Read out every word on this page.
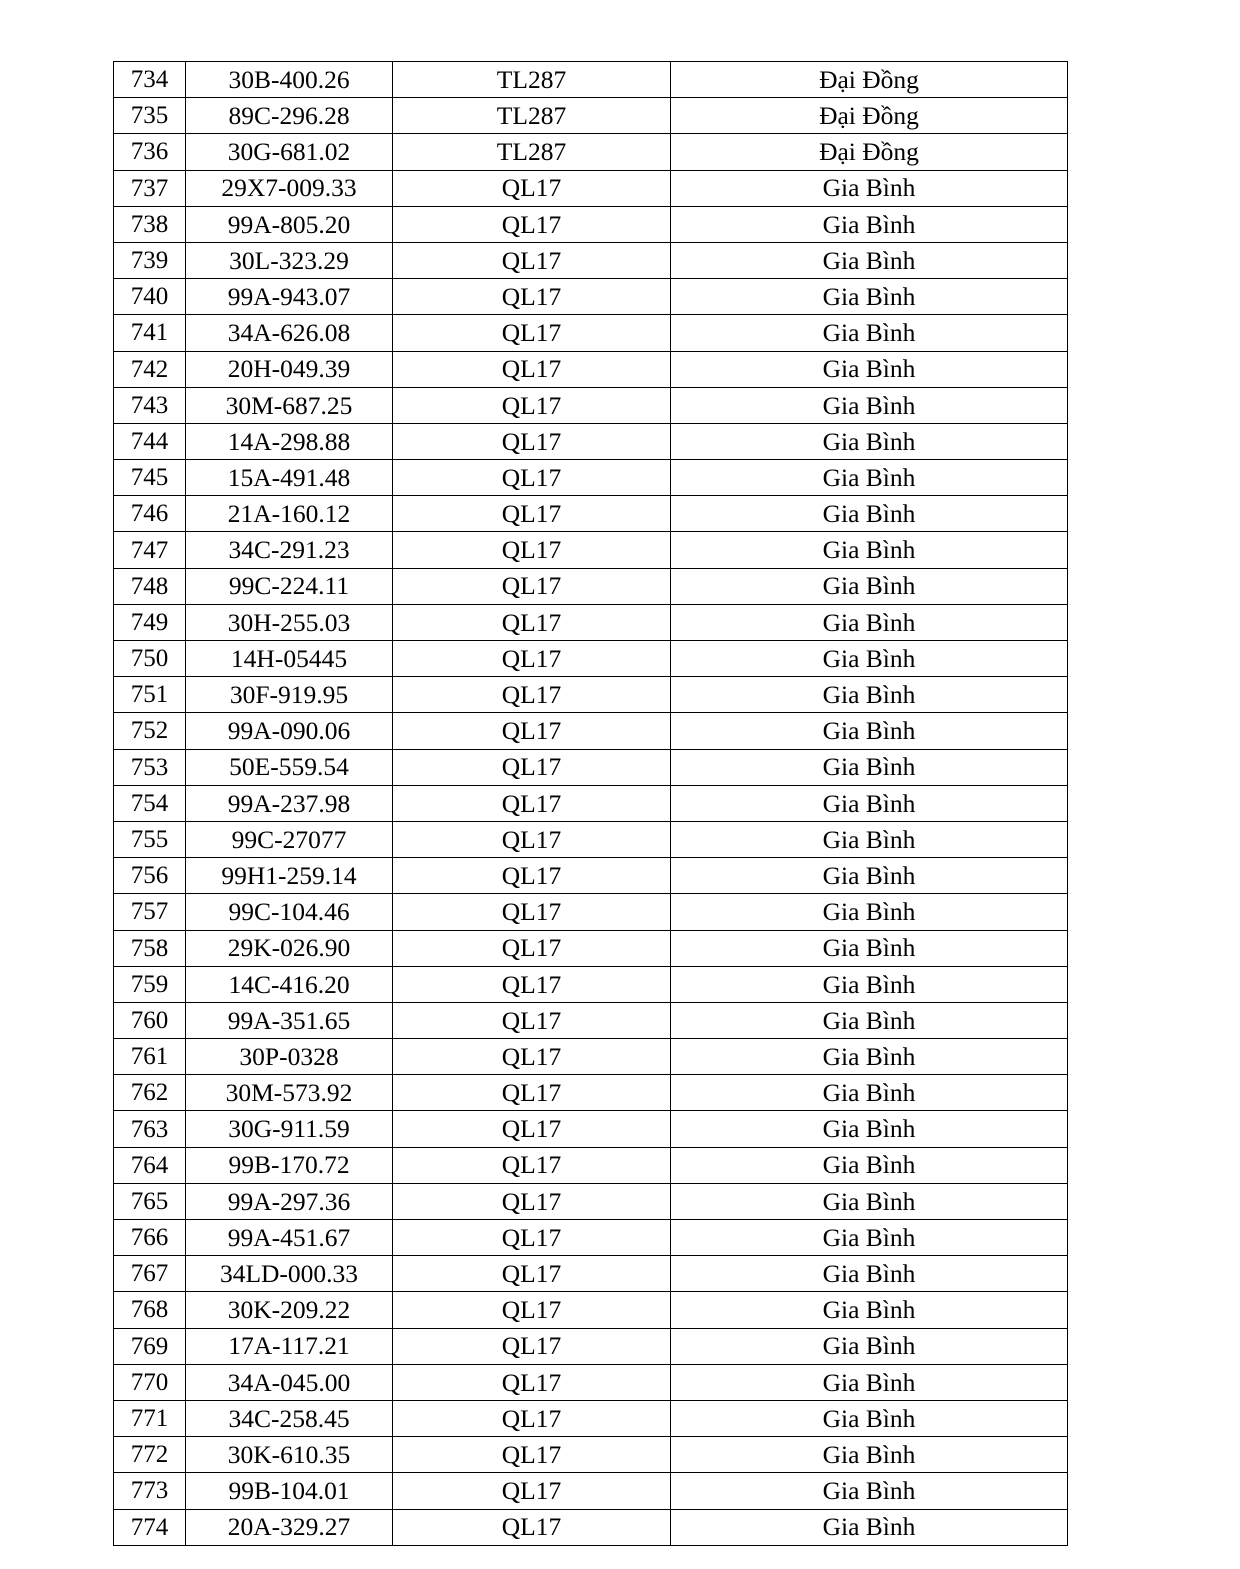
734	30B-400.26	TL287	Đại Đồng
735	89C-296.28	TL287	Đại Đồng
736	30G-681.02	TL287	Đại Đồng
737	29X7-009.33	QL17	Gia Bình
738	99A-805.20	QL17	Gia Bình
739	30L-323.29	QL17	Gia Bình
740	99A-943.07	QL17	Gia Bình
741	34A-626.08	QL17	Gia Bình
742	20H-049.39	QL17	Gia Bình
743	30M-687.25	QL17	Gia Bình
744	14A-298.88	QL17	Gia Bình
745	15A-491.48	QL17	Gia Bình
746	21A-160.12	QL17	Gia Bình
747	34C-291.23	QL17	Gia Bình
748	99C-224.11	QL17	Gia Bình
749	30H-255.03	QL17	Gia Bình
750	14H-05445	QL17	Gia Bình
751	30F-919.95	QL17	Gia Bình
752	99A-090.06	QL17	Gia Bình
753	50E-559.54	QL17	Gia Bình
754	99A-237.98	QL17	Gia Bình
755	99C-27077	QL17	Gia Bình
756	99H1-259.14	QL17	Gia Bình
757	99C-104.46	QL17	Gia Bình
758	29K-026.90	QL17	Gia Bình
759	14C-416.20	QL17	Gia Bình
760	99A-351.65	QL17	Gia Bình
761	30P-0328	QL17	Gia Bình
762	30M-573.92	QL17	Gia Bình
763	30G-911.59	QL17	Gia Bình
764	99B-170.72	QL17	Gia Bình
765	99A-297.36	QL17	Gia Bình
766	99A-451.67	QL17	Gia Bình
767	34LD-000.33	QL17	Gia Bình
768	30K-209.22	QL17	Gia Bình
769	17A-117.21	QL17	Gia Bình
770	34A-045.00	QL17	Gia Bình
771	34C-258.45	QL17	Gia Bình
772	30K-610.35	QL17	Gia Bình
773	99B-104.01	QL17	Gia Bình
774	20A-329.27	QL17	Gia Bình
